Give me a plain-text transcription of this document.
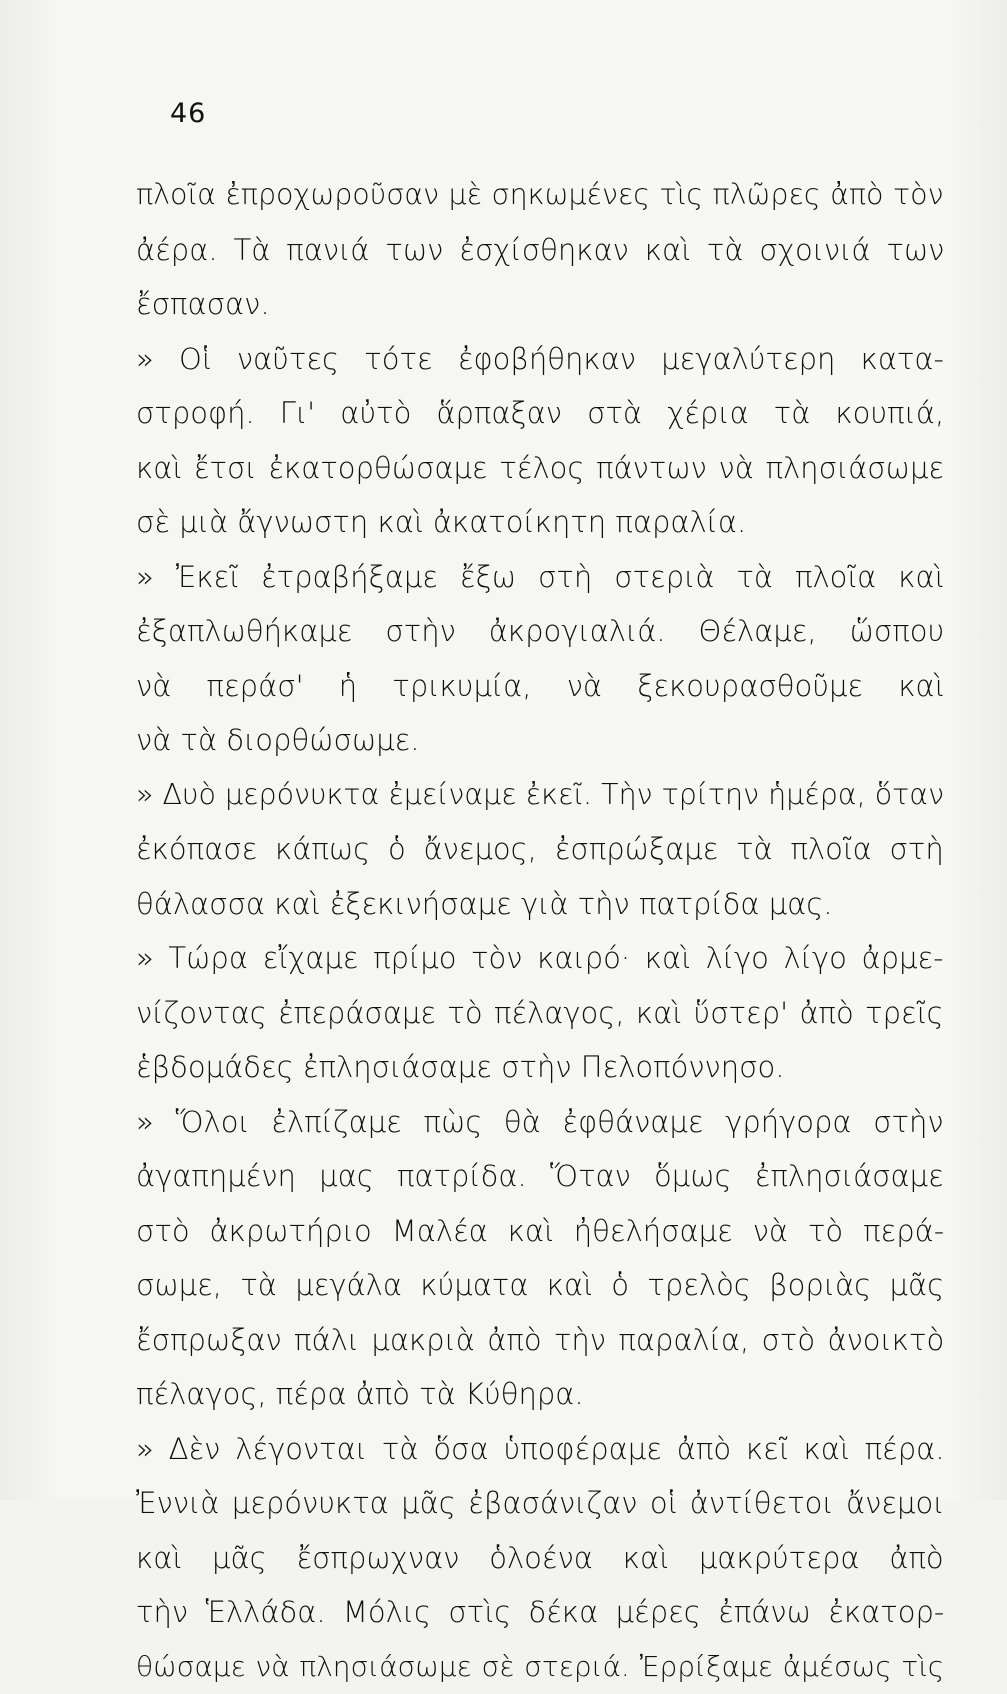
46
πλοῖα ἐπροχωροῦσαν μὲ σηκωμένες τὶς πλῶρες ἀπὸ τὸν
ἀέρα. Τὰ πανιά των ἐσχίσθηκαν καὶ τὰ σχοινιά των
ἔσπασαν.
» Οἱ ναῦτες τότε ἐφοβήθηκαν μεγαλύτερη κατα-
στροφή. Γι' αὐτὸ ἅρπαξαν στὰ χέρια τὰ κουπιά,
καὶ ἔτσι ἐκατορθώσαμε τέλος πάντων νὰ πλησιάσωμε
σὲ μιὰ ἄγνωστη καὶ ἀκατοίκητη παραλία.
» Ἐκεῖ ἐτραβήξαμε ἔξω στὴ στεριὰ τὰ πλοῖα καὶ
ἐξαπλωθήκαμε στὴν ἀκρογιαλιά. Θέλαμε, ὥσπου
νὰ περάσ' ἡ τρικυμία, νὰ ξεκουρασθοῦμε καὶ
νὰ τὰ διορθώσωμε.
» Δυὸ μερόνυκτα ἐμείναμε ἐκεῖ. Τὴν τρίτην ἡμέρα, ὅταν
ἐκόπασε κάπως ὁ ἄνεμος, ἐσπρώξαμε τὰ πλοῖα στὴ
θάλασσα καὶ ἐξεκινήσαμε γιὰ τὴν πατρίδα μας.
» Τώρα εἴχαμε πρίμο τὸν καιρό· καὶ λίγο λίγο ἀρμε-
νίζοντας ἐπεράσαμε τὸ πέλαγος, καὶ ὕστερ' ἀπὸ τρεῖς
ἑβδομάδες ἐπλησιάσαμε στὴν Πελοπόννησο.
» Ὅλοι ἐλπίζαμε πὼς θὰ ἐφθάναμε γρήγορα στὴν
ἀγαπημένη μας πατρίδα. Ὅταν ὅμως ἐπλησιάσαμε
στὸ ἀκρωτήριο Μαλέα καὶ ἠθελήσαμε νὰ τὸ περά-
σωμε, τὰ μεγάλα κύματα καὶ ὁ τρελὸς βοριὰς μᾶς
ἔσπρωξαν πάλι μακριὰ ἀπὸ τὴν παραλία, στὸ ἀνοικτὸ
πέλαγος, πέρα ἀπὸ τὰ Κύθηρα.
» Δὲν λέγονται τὰ ὅσα ὑποφέραμε ἀπὸ κεῖ καὶ πέρα.
Ἐννιὰ μερόνυκτα μᾶς ἐβασάνιζαν οἱ ἀντίθετοι ἄνεμοι
καὶ μᾶς ἔσπρωχναν ὁλοένα καὶ μακρύτερα ἀπὸ
τὴν Ἑλλάδα. Μόλις στὶς δέκα μέρες ἐπάνω ἐκατορ-
θώσαμε νὰ πλησιάσωμε σὲ στεριά. Ἐρρίξαμε ἀμέσως τὶς
